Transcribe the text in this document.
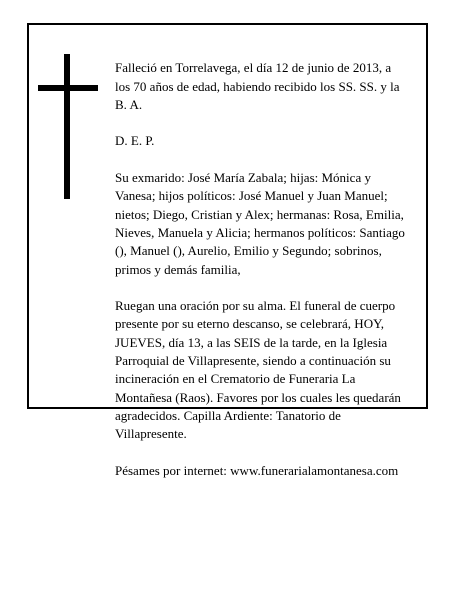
Falleció en Torrelavega, el día 12 de junio de 2013, a
los 70 años de edad, habiendo recibido los SS. SS. y la
B. A.

D. E. P.

Su exmarido: José María Zabala; hijas: Mónica y
Vanesa; hijos políticos: José Manuel y Juan Manuel;
nietos; Diego, Cristian y Alex; hermanas: Rosa, Emilia,
Nieves, Manuela y Alicia; hermanos políticos: Santiago
(), Manuel (), Aurelio, Emilio y Segundo; sobrinos,
primos y demás familia,

Ruegan una oración por su alma. El funeral de cuerpo
presente por su eterno descanso, se celebrará, HOY,
JUEVES, día 13, a las SEIS de la tarde, en la Iglesia
Parroquial de Villapresente, siendo a continuación su
incineración en el Crematorio de Funeraria La
Montañesa (Raos). Favores por los cuales les quedarán
agradecidos. Capilla Ardiente: Tanatorio de
Villapresente.

Pésames por internet: www.funerarialamontanesa.com
